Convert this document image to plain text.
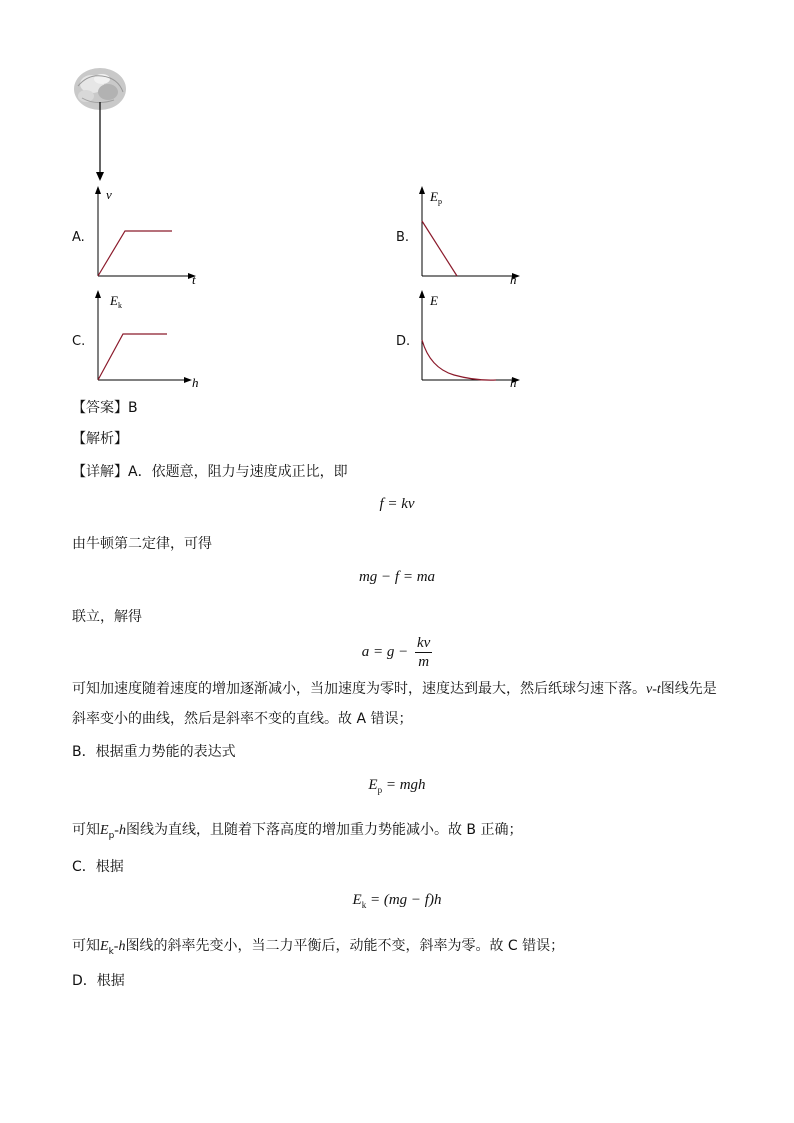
A.
v
t
B.
$E_p$
h
C.
$E_k$
h
D.
E
h
【答案】B
【解析】
【详解】A．依题意，阻力与速度成正比，即
f = kv
由牛顿第二定律，可得
mg − f = ma
联立，解得
$a = g - \frac{kv}{m}$
可知加速度随着速度的增加逐渐减小，当加速度为零时，速度达到最大，然后纸球匀速下落。v-t图线先是
斜率变小的曲线，然后是斜率不变的直线。故 A 错误；
B．根据重力势能的表达式
$E_p$ = mgh
可知$E_p-h$图线为直线，且随着下落高度的增加重力势能减小。故 B 正确；
C．根据
$E_k = (mg - f)h$
可知$E_k-h$图线的斜率先变小，当二力平衡后，动能不变，斜率为零。故 C 错误；
D．根据
